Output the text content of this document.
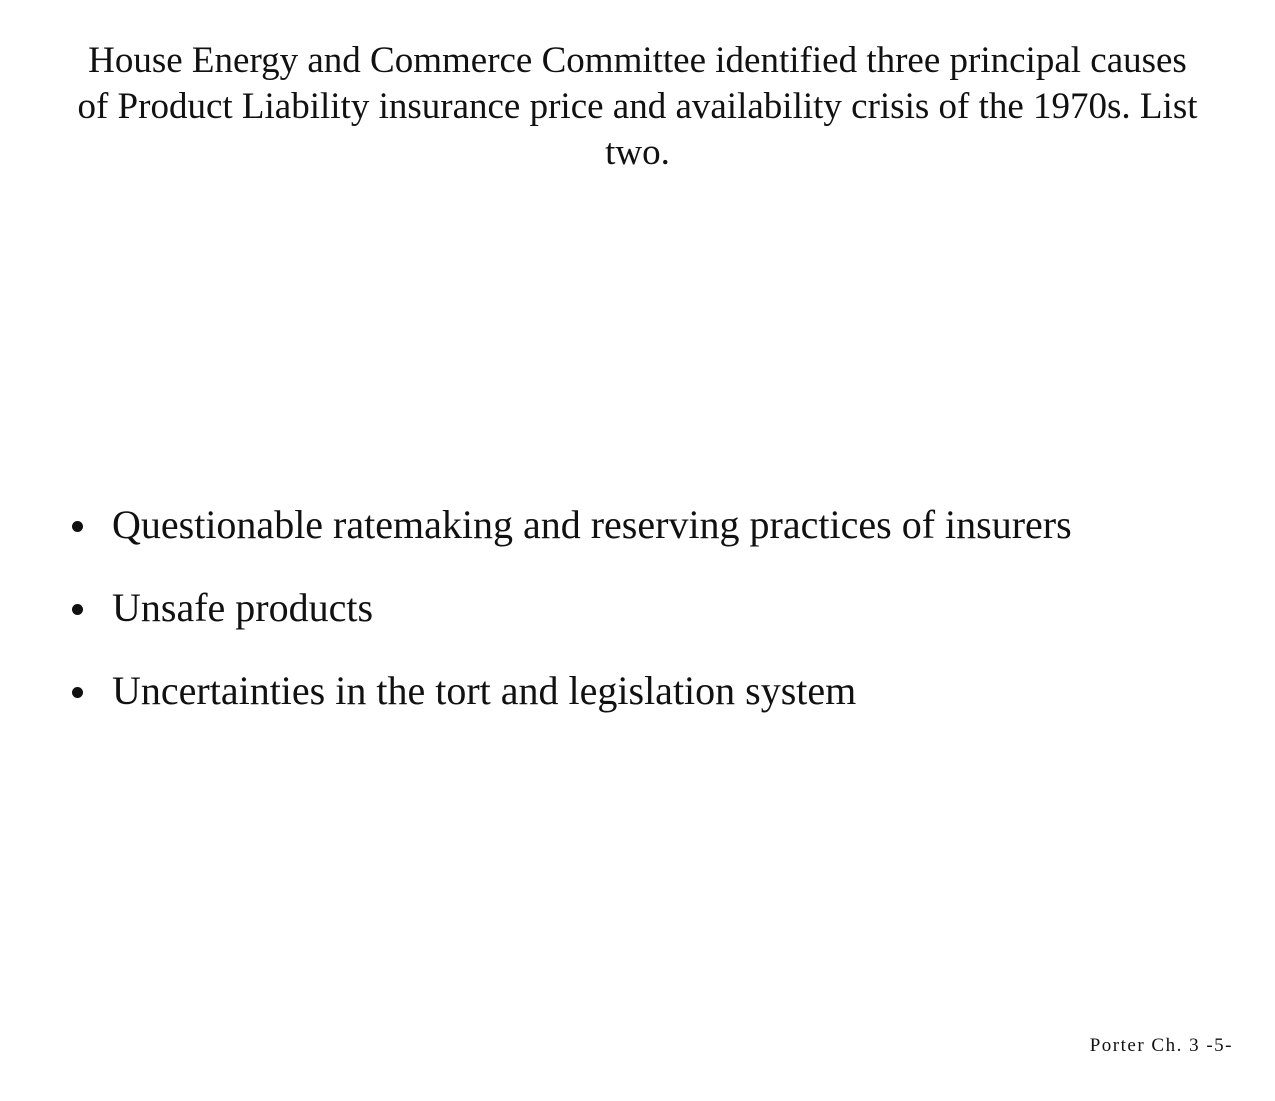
House Energy and Commerce Committee identified three principal causes
of Product Liability insurance price and availability crisis of the 1970s. List
two.
Questionable ratemaking and reserving practices of insurers
Unsafe products
Uncertainties in the tort and legislation system
Porter Ch. 3 -5-
